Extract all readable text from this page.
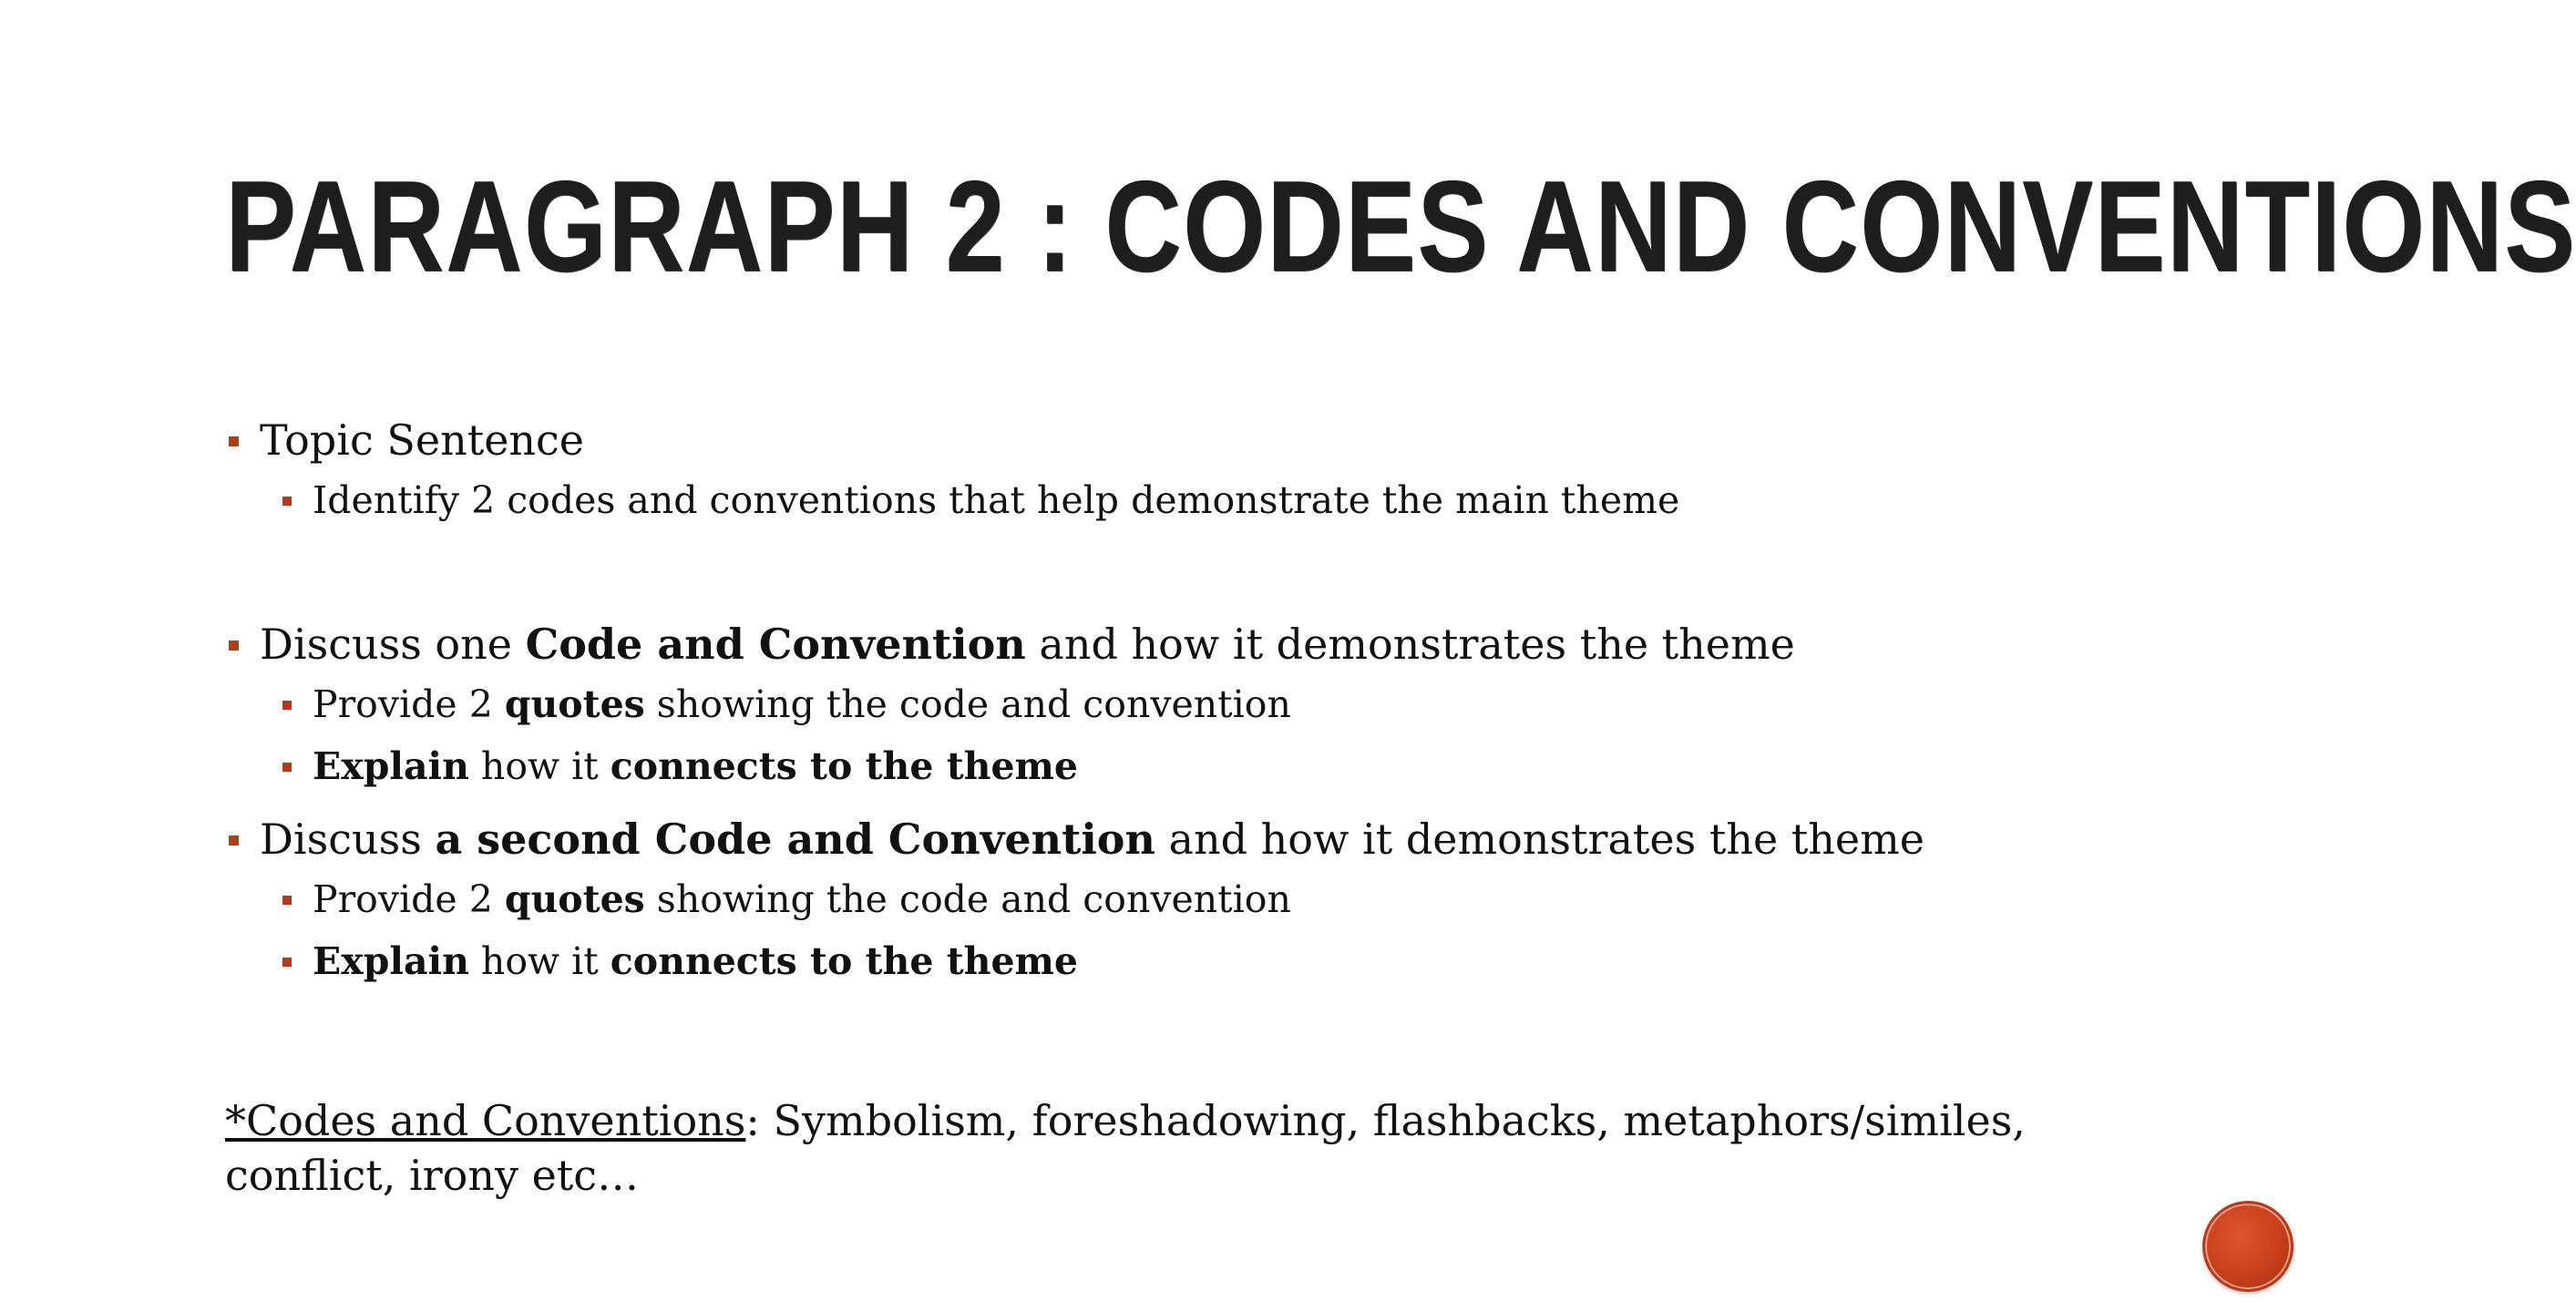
PARAGRAPH 2 : CODES AND CONVENTIONS
Topic Sentence
Identify 2 codes and conventions that help demonstrate the main theme
Discuss one Code and Convention and how it demonstrates the theme
Provide 2 quotes showing the code and convention
Explain how it connects to the theme
Discuss a second Code and Convention and how it demonstrates the theme
Provide 2 quotes showing the code and convention
Explain how it connects to the theme
*Codes and Conventions: Symbolism, foreshadowing, flashbacks, metaphors/similes, conflict, irony etc…
